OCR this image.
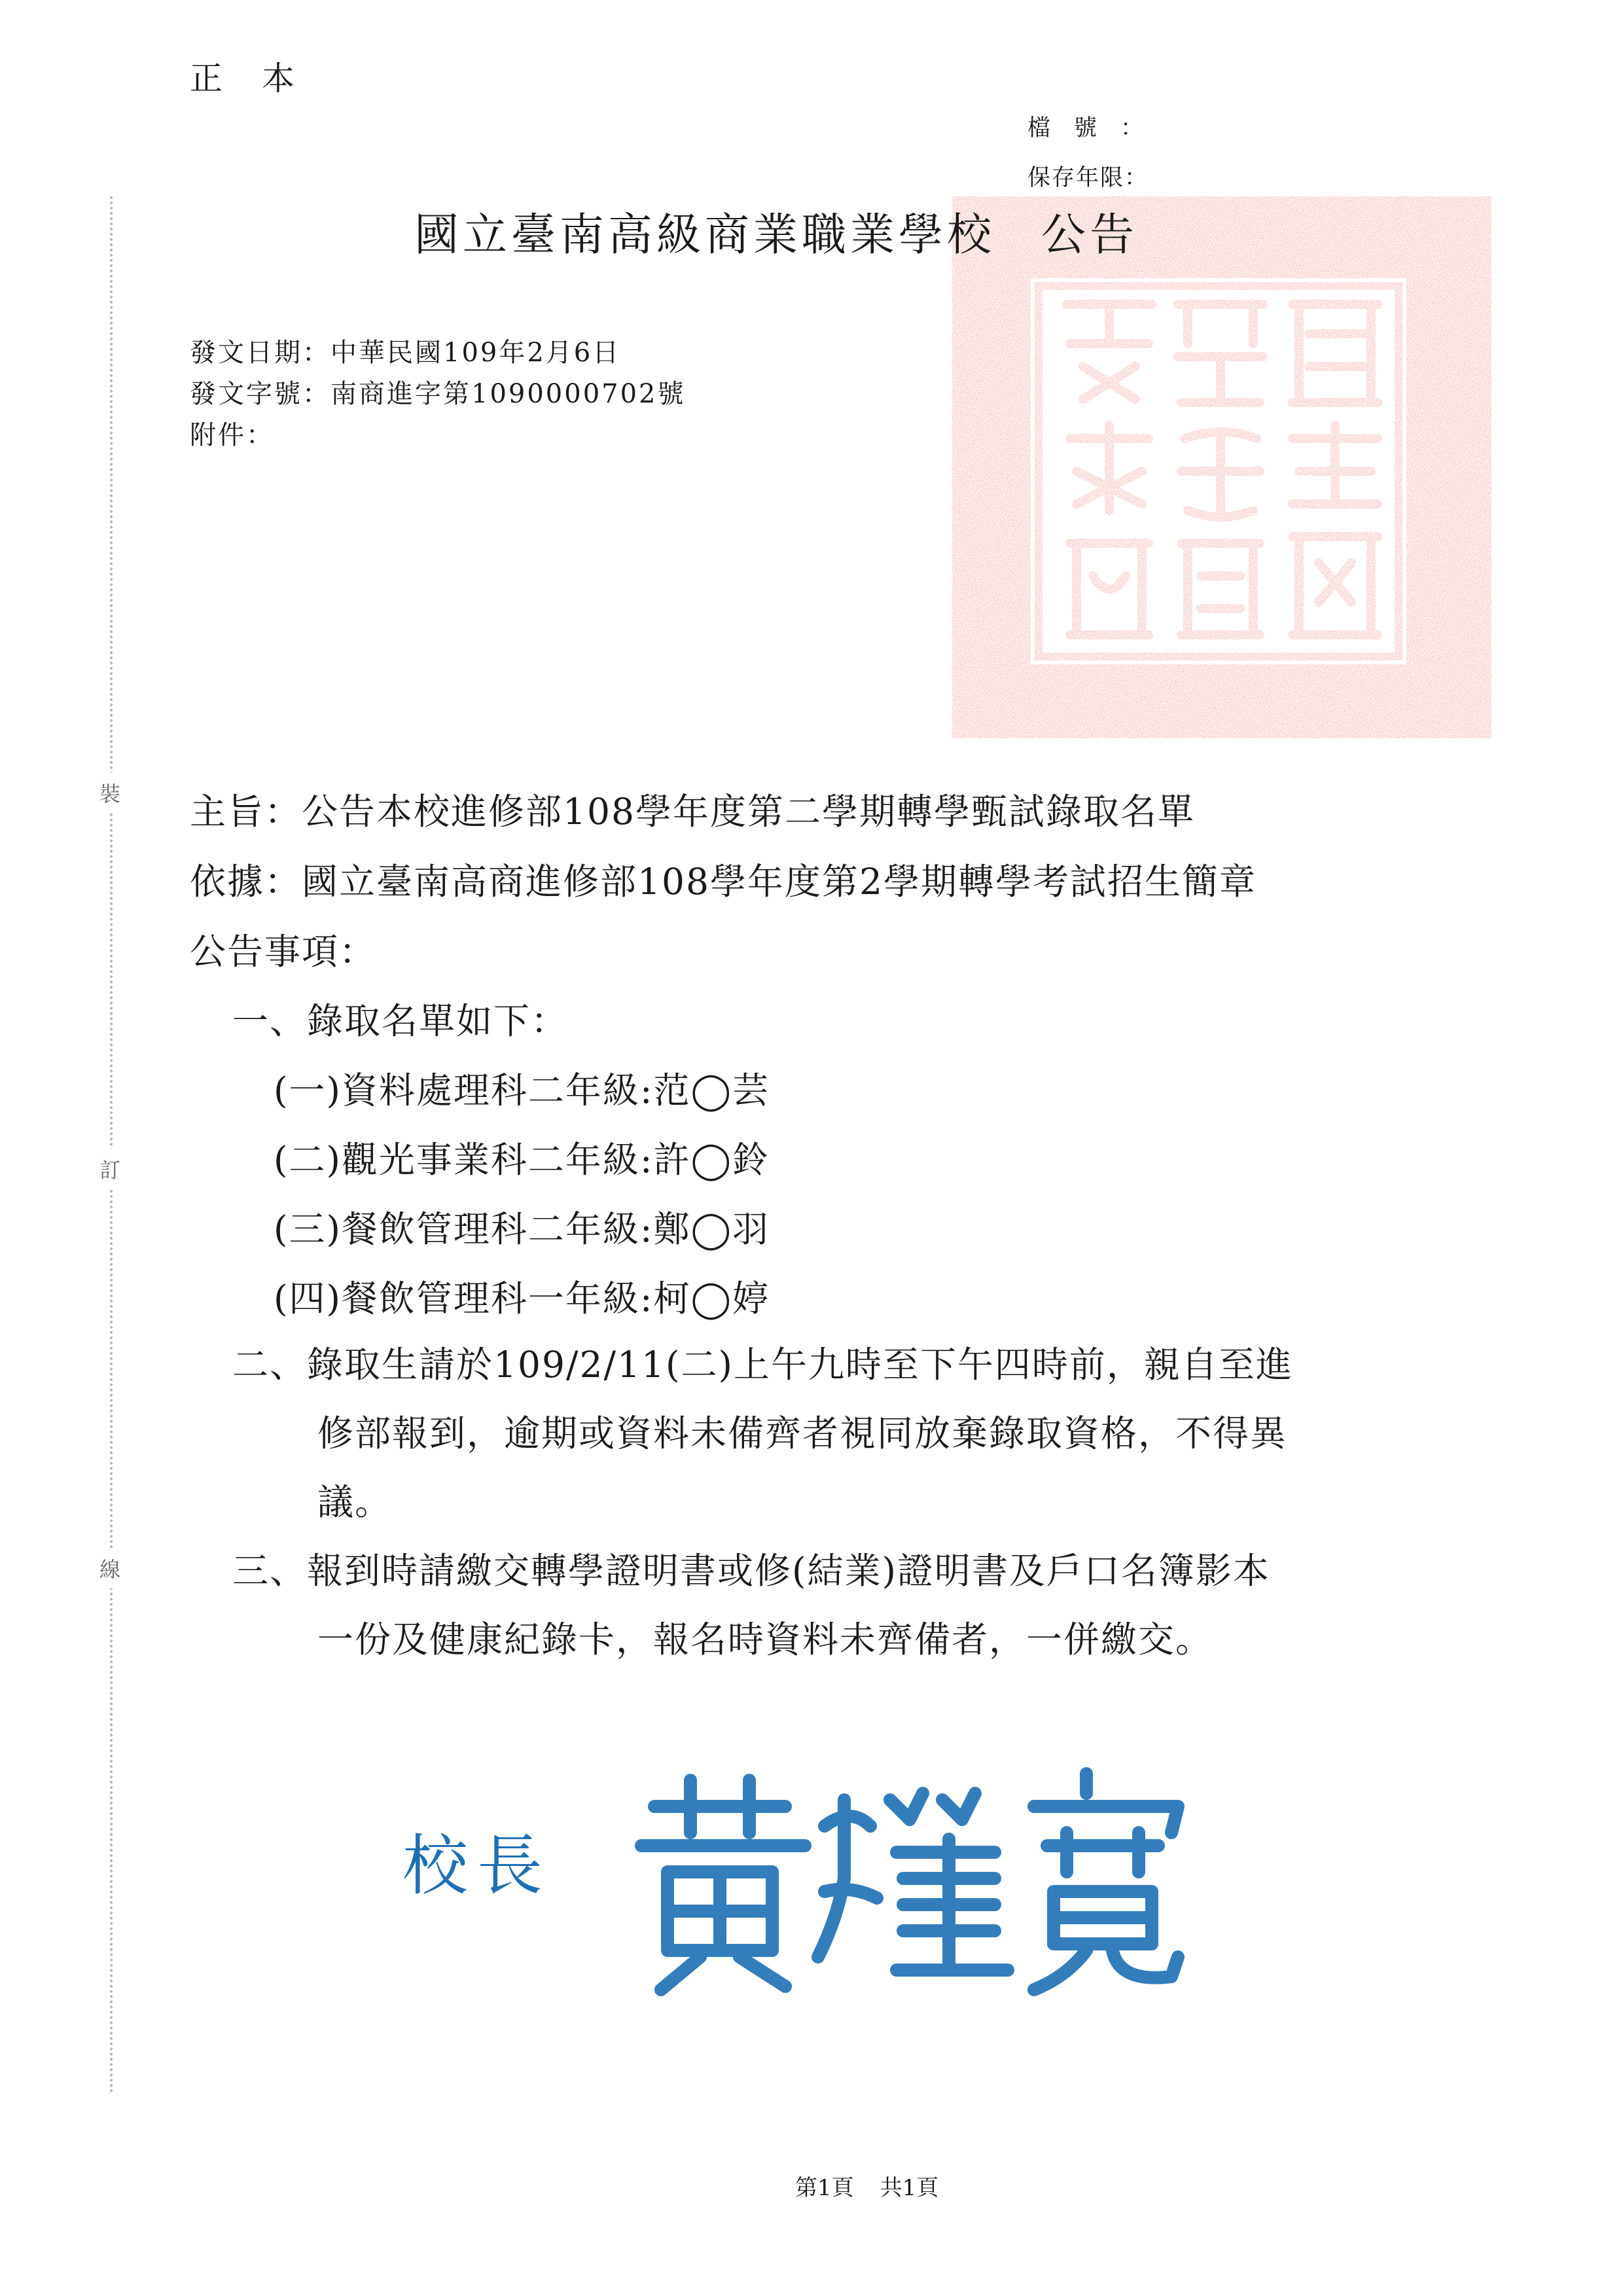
正本
檔號：
保存年限：
裝
訂
線
國立臺南高級商業職業學校 公告
發文日期：中華民國109年2月6日
發文字號：南商進字第1090000702號
附件：
主旨：公告本校進修部108學年度第二學期轉學甄試錄取名單
依據：國立臺南高商進修部108學年度第2學期轉學考試招生簡章
公告事項：
一、錄取名單如下：
(一)資料處理科二年級:范◯芸
(二)觀光事業科二年級:許◯鈴
(三)餐飲管理科二年級:鄭◯羽
(四)餐飲管理科一年級:柯◯婷
二、錄取生請於109/2/11(二)上午九時至下午四時前，親自至進
修部報到，逾期或資料未備齊者視同放棄錄取資格，不得異
議。
三、報到時請繳交轉學證明書或修(結業)證明書及戶口名簿影本
一份及健康紀錄卡，報名時資料未齊備者，一併繳交。
校長
第1頁 共1頁
